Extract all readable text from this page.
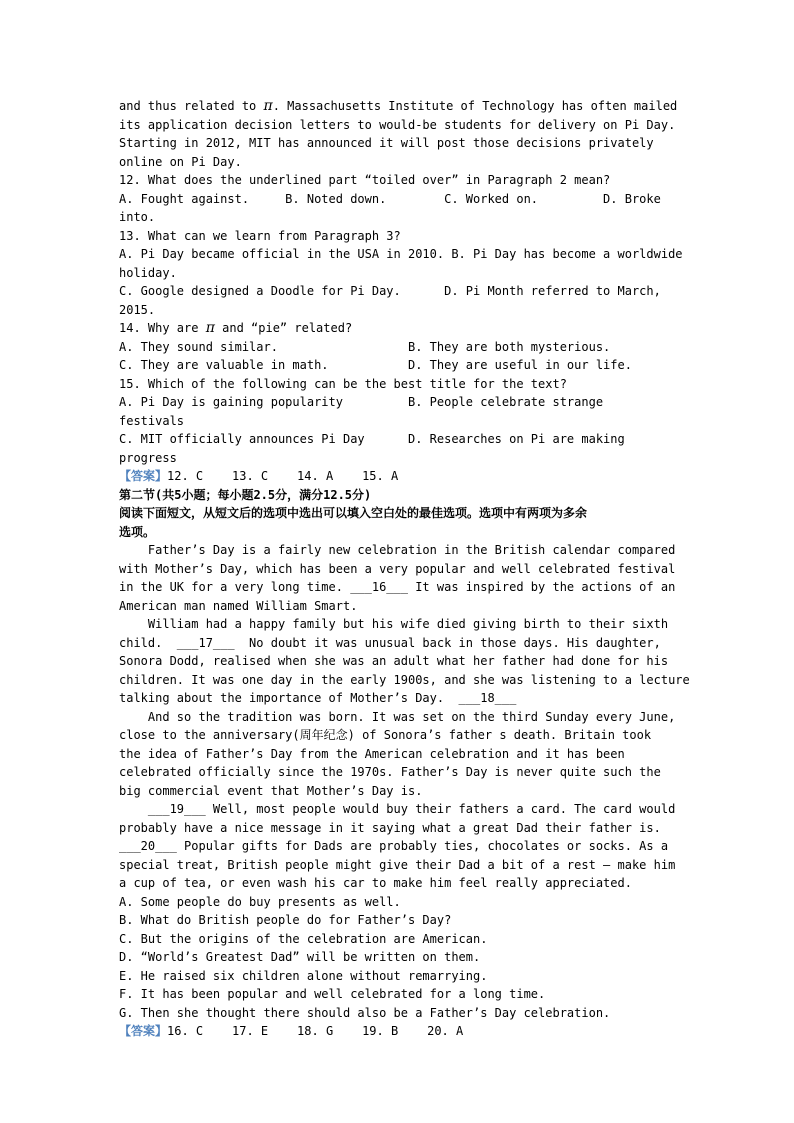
and thus related to π. Massachusetts Institute of Technology has often mailed
its application decision letters to would-be students for delivery on Pi Day.
Starting in 2012, MIT has announced it will post those decisions privately
online on Pi Day.
12. What does the underlined part “toiled over” in Paragraph 2 mean?
A. Fought against.     B. Noted down.        C. Worked on.         D. Broke
into.
13. What can we learn from Paragraph 3?
A. Pi Day became official in the USA in 2010. B. Pi Day has become a worldwide
holiday.
C. Google designed a Doodle for Pi Day.      D. Pi Month referred to March,
2015.
14. Why are π and “pie” related?
A. They sound similar.                  B. They are both mysterious.
C. They are valuable in math.           D. They are useful in our life.
15. Which of the following can be the best title for the text?
A. Pi Day is gaining popularity         B. People celebrate strange
festivals
C. MIT officially announces Pi Day      D. Researches on Pi are making
progress
【答案】12. C    13. C    14. A    15. A
第二节(共5小题；每小题2.5分，满分12.5分)
阅读下面短文，从短文后的选项中选出可以填入空白处的最佳选项。选项中有两项为多余
选项。
Father’s Day is a fairly new celebration in the British calendar compared
with Mother’s Day, which has been a very popular and well celebrated festival
in the UK for a very long time. ___16___ It was inspired by the actions of an
American man named William Smart.
William had a happy family but his wife died giving birth to their sixth
child.  ___17___  No doubt it was unusual back in those days. His daughter,
Sonora Dodd, realised when she was an adult what her father had done for his
children. It was one day in the early 1900s, and she was listening to a lecture
talking about the importance of Mother’s Day.  ___18___
And so the tradition was born. It was set on the third Sunday every June,
close to the anniversary(周年纪念) of Sonora’s father s death. Britain took
the idea of Father’s Day from the American celebration and it has been
celebrated officially since the 1970s. Father’s Day is never quite such the
big commercial event that Mother’s Day is.
___19___ Well, most people would buy their fathers a card. The card would
probably have a nice message in it saying what a great Dad their father is.
___20___ Popular gifts for Dads are probably ties, chocolates or socks. As a
special treat, British people might give their Dad a bit of a rest — make him
a cup of tea, or even wash his car to make him feel really appreciated.
A. Some people do buy presents as well.
B. What do British people do for Father’s Day?
C. But the origins of the celebration are American.
D. “World’s Greatest Dad” will be written on them.
E. He raised six children alone without remarrying.
F. It has been popular and well celebrated for a long time.
G. Then she thought there should also be a Father’s Day celebration.
【答案】16. C    17. E    18. G    19. B    20. A
